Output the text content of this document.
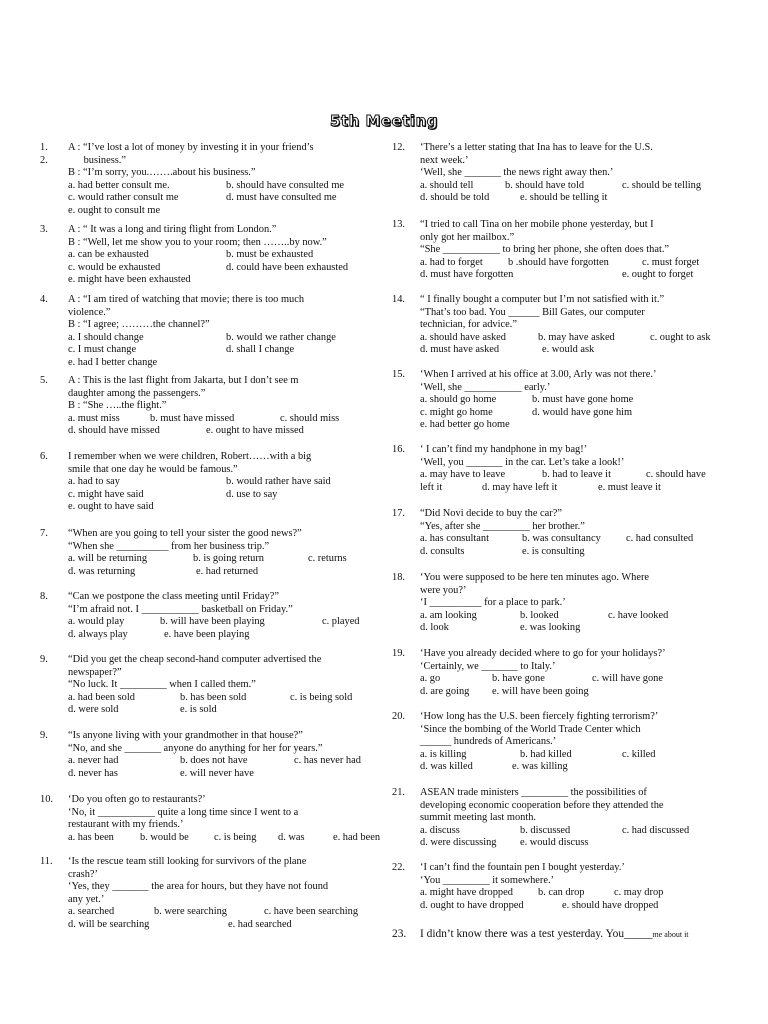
5th Meeting
1.
2.
A : “I’ve lost a lot of money by investing it in your friend’s
business.”
B : “I’m sorry, you.…….about his business.”
a. had better consult me.	b. should have consulted me
c. would rather consult me	d. must have consulted me
e. ought to consult me
3. A : “ It was a long and tiring flight from London.”
B : “Well, let me show you to your room; then ……..by now.”
a. can be exhausted	b. must be exhausted
c. would be exhausted	d. could have been exhausted
e. might have been exhausted
4. A : “I am tired of watching that movie; there is too much
violence.”
B : “I agree; ………the channel?”
a. I should change	b. would we rather change
c. I must change	d. shall I change
e. had I better change
5. A : This is the last flight from Jakarta, but I don’t see m
daughter among the passengers.”
B : “She …..the flight.”
a. must miss	b. must have missed	c. should miss
d. should have missed	e. ought to have missed
6. I remember when we were children, Robert……with a big
smile that one day he would be famous.”
a. had to say	b. would rather have said
c. might have said	d. use to say
e. ought to have said
7. “When are you going to tell your sister the good news?”
“When she __________ from her business trip.”
a. will be returning	b. is going return	c. returns
d. was returning	e. had returned
8. “Can we postpone the class meeting until Friday?”
“I’m afraid not. I ___________ basketball on Friday.”
a. would play	b. will have been playing	c. played
d. always play	e. have been playing
9. “Did you get the cheap second-hand computer advertised the
newspaper?”
“No luck. It _________ when I called them.”
a. had been sold	b. has been sold	c. is being sold
d. were sold	e. is sold
9. “Is anyone living with your grandmother in that house?”
“No, and she _______ anyone do anything for her for years.”
a. never had	b. does not have	c. has never had
d. never has	e. will never have
10. ‘Do you often go to restaurants?’
‘No, it ___________ quite a long time since I went to a
restaurant with my friends.’
a. has been	b. would be c. is being d. was	e. had been
11. ‘Is the rescue team still looking for survivors of the plane
crash?’
‘Yes, they _______ the area for hours, but they have not found
any yet.’
a. searched	b. were searching	c. have been searching
d. will be searching	e. had searched
12. ‘There’s a letter stating that Ina has to leave for the U.S.
next week.’
‘Well, she _______ the news right away then.’
a. should tell	b. should have told	c. should be telling
d. should be told	e. should be telling it
13. “I tried to call Tina on her mobile phone yesterday, but I
only got her mailbox.”
“She ___________ to bring her phone, she often does that.”
a. had to forget b .should have forgotten	c. must forget
d. must have forgotten	e. ought to forget
14. “ I finally bought a computer but I’m not satisfied with it.”
“That’s too bad. You ______ Bill Gates, our computer
technician, for advice.”
a. should have asked	b. may have asked	c. ought to ask
d. must have asked	e. would ask
15. ‘When I arrived at his office at 3.00, Arly was not there.’
‘Well, she ___________ early.’
a. should go home	b. must have gone home
c. might go home	d. would have gone him
e. had better go home
16. ‘ I can’t find my handphone in my bag!’
‘Well, you _______ in the car. Let’s take a look!’
a. may have to leave	b. had to leave it	c. should have
left it	d. may have left it	e. must leave it
17. “Did Novi decide to buy the car?”
“Yes, after she _________ her brother.”
a. has consultant	b. was consultancy c. had consulted
d. consults	e. is consulting
18. ‘You were supposed to be here ten minutes ago. Where
were you?’
‘I __________ for a place to park.’
a. am looking	b. looked	c. have looked
d. look	e. was looking
19. ‘Have you already decided where to go for your holidays?’
‘Certainly, we _______ to Italy.’
a. go	b. have gone	c. will have gone
d. are going e. will have been going
20. ‘How long has the U.S. been fiercely fighting terrorism?’
‘Since the bombing of the World Trade Center which
______ hundreds of Americans.’
a. is killing	b. had killed	c. killed
d. was killed	e. was killing
21. ASEAN trade ministers _________ the possibilities of
developing economic cooperation before they attended the
summit meeting last month.
a. discuss	b. discussed	c. had discussed
d. were discussing e. would discuss
22. ‘I can’t find the fountain pen I bought yesterday.’
‘You _________ it somewhere.’
a. might have dropped b. can drop	c. may drop
d. ought to have dropped	e. should have dropped
23. I didn’t know there was a test yesterday. You_____me about it
